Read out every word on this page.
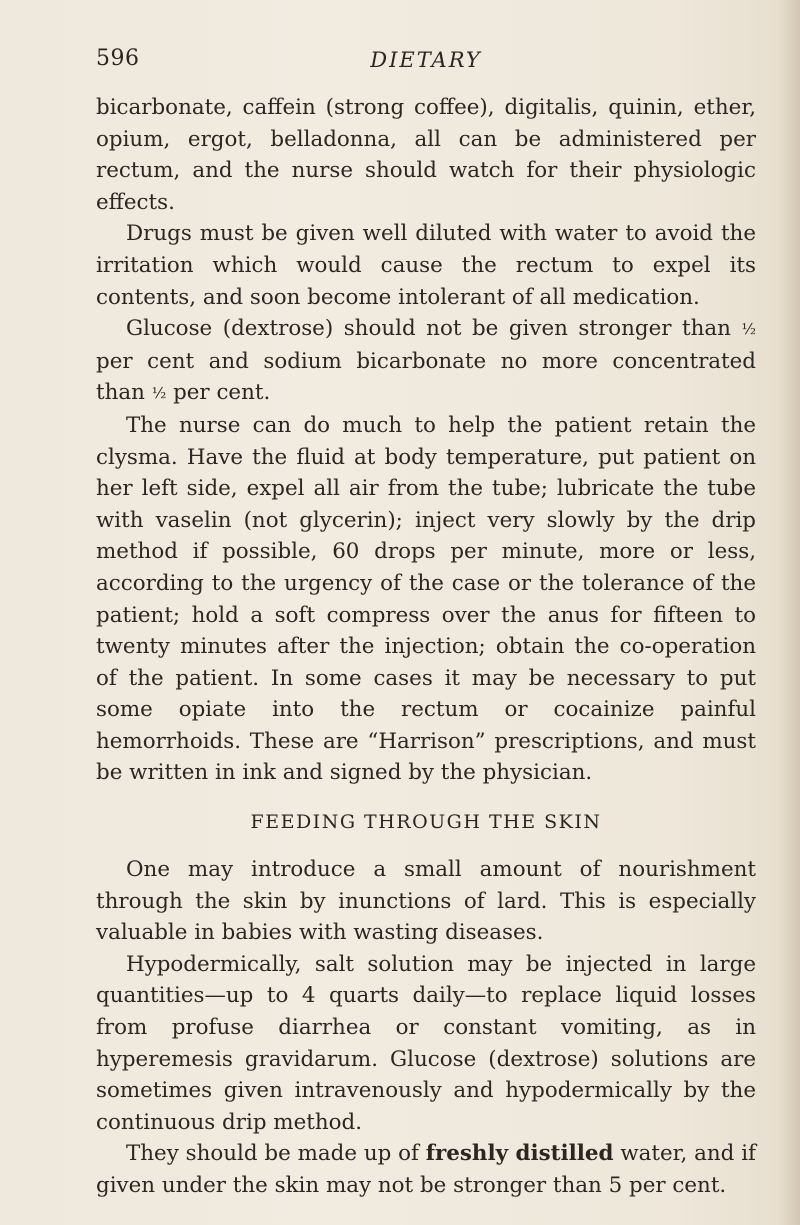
596	DIETARY

bicarbonate, caffein (strong coffee), digitalis, quinin, ether, opium, ergot, belladonna, all can be administered per rectum, and the nurse should watch for their physiologic effects.

Drugs must be given well diluted with water to avoid the irritation which would cause the rectum to expel its contents, and soon become intolerant of all medication.

Glucose (dextrose) should not be given stronger than ½ per cent and sodium bicarbonate no more concentrated than ½ per cent.

The nurse can do much to help the patient retain the clysma. Have the fluid at body temperature, put patient on her left side, expel all air from the tube; lubricate the tube with vaselin (not glycerin); inject very slowly by the drip method if possible, 60 drops per minute, more or less, according to the urgency of the case or the tolerance of the patient; hold a soft compress over the anus for fifteen to twenty minutes after the injection; obtain the co-operation of the patient. In some cases it may be necessary to put some opiate into the rectum or cocainize painful hemorrhoids. These are “Harrison” prescriptions, and must be written in ink and signed by the physician.

FEEDING THROUGH THE SKIN

One may introduce a small amount of nourishment through the skin by inunctions of lard. This is especially valuable in babies with wasting diseases.

Hypodermically, salt solution may be injected in large quantities—up to 4 quarts daily—to replace liquid losses from profuse diarrhea or constant vomiting, as in hyperemesis gravidarum. Glucose (dextrose) solutions are sometimes given intravenously and hypodermically by the continuous drip method.

They should be made up of freshly distilled water, and if given under the skin may not be stronger than 5 per cent.
